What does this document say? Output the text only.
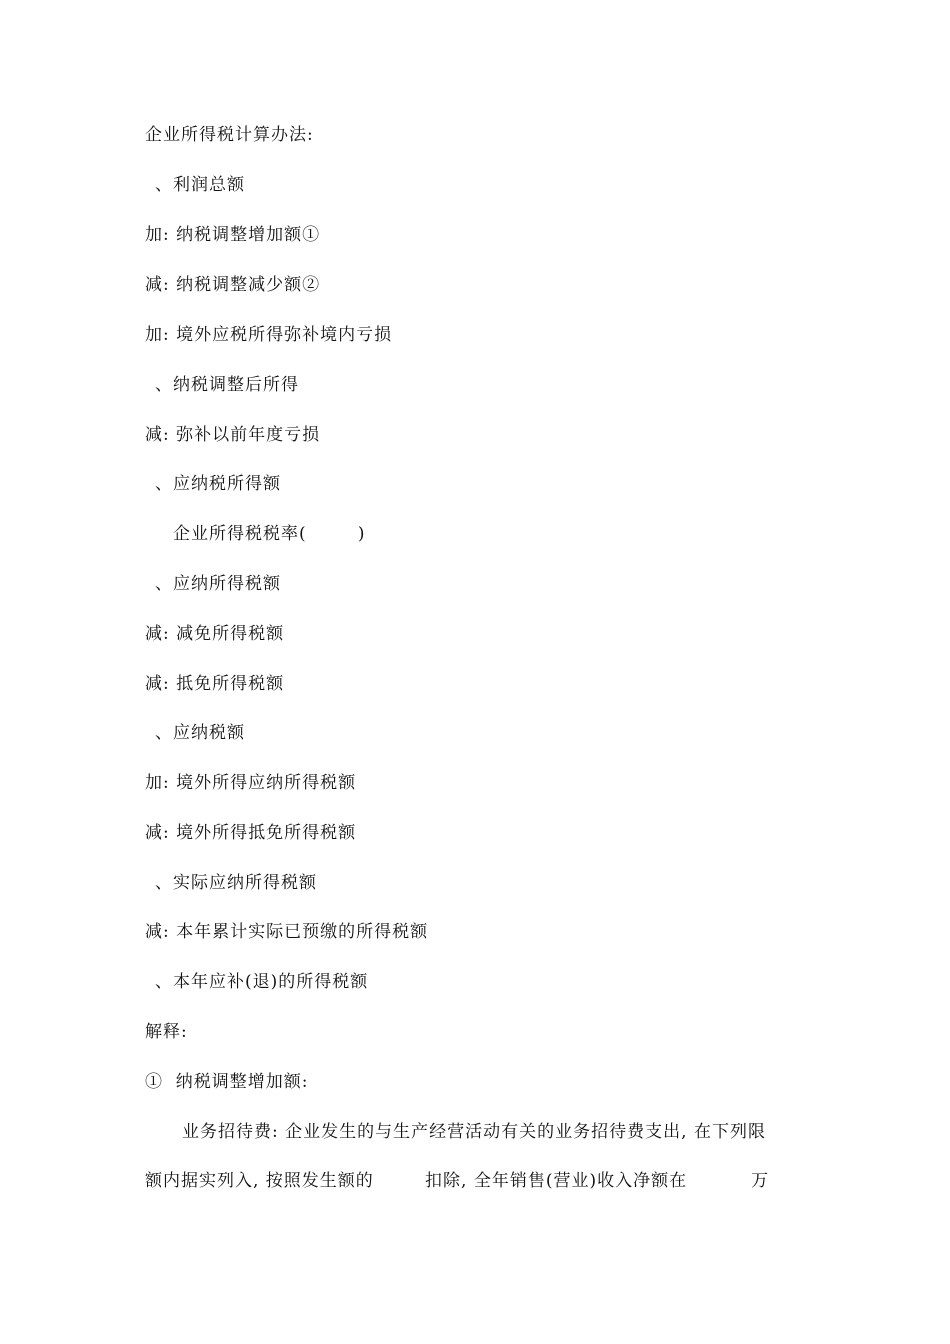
企业所得税计算办法:
、利润总额
加: 纳税调整增加额①
减: 纳税调整减少额②
加: 境外应税所得弥补境内亏损
、纳税调整后所得
减: 弥补以前年度亏损
、应纳税所得额
企业所得税税率(        )
、应纳所得税额
减: 减免所得税额
减: 抵免所得税额
、应纳税额
加: 境外所得应纳所得税额
减: 境外所得抵免所得税额
、实际应纳所得税额
减: 本年累计实际已预缴的所得税额
、本年应补(退)的所得税额
解释:
①  纳税调整增加额:
业务招待费: 企业发生的与生产经营活动有关的业务招待费支出, 在下列限
额内据实列入, 按照发生额的        扣除, 全年销售(营业)收入净额在          万
